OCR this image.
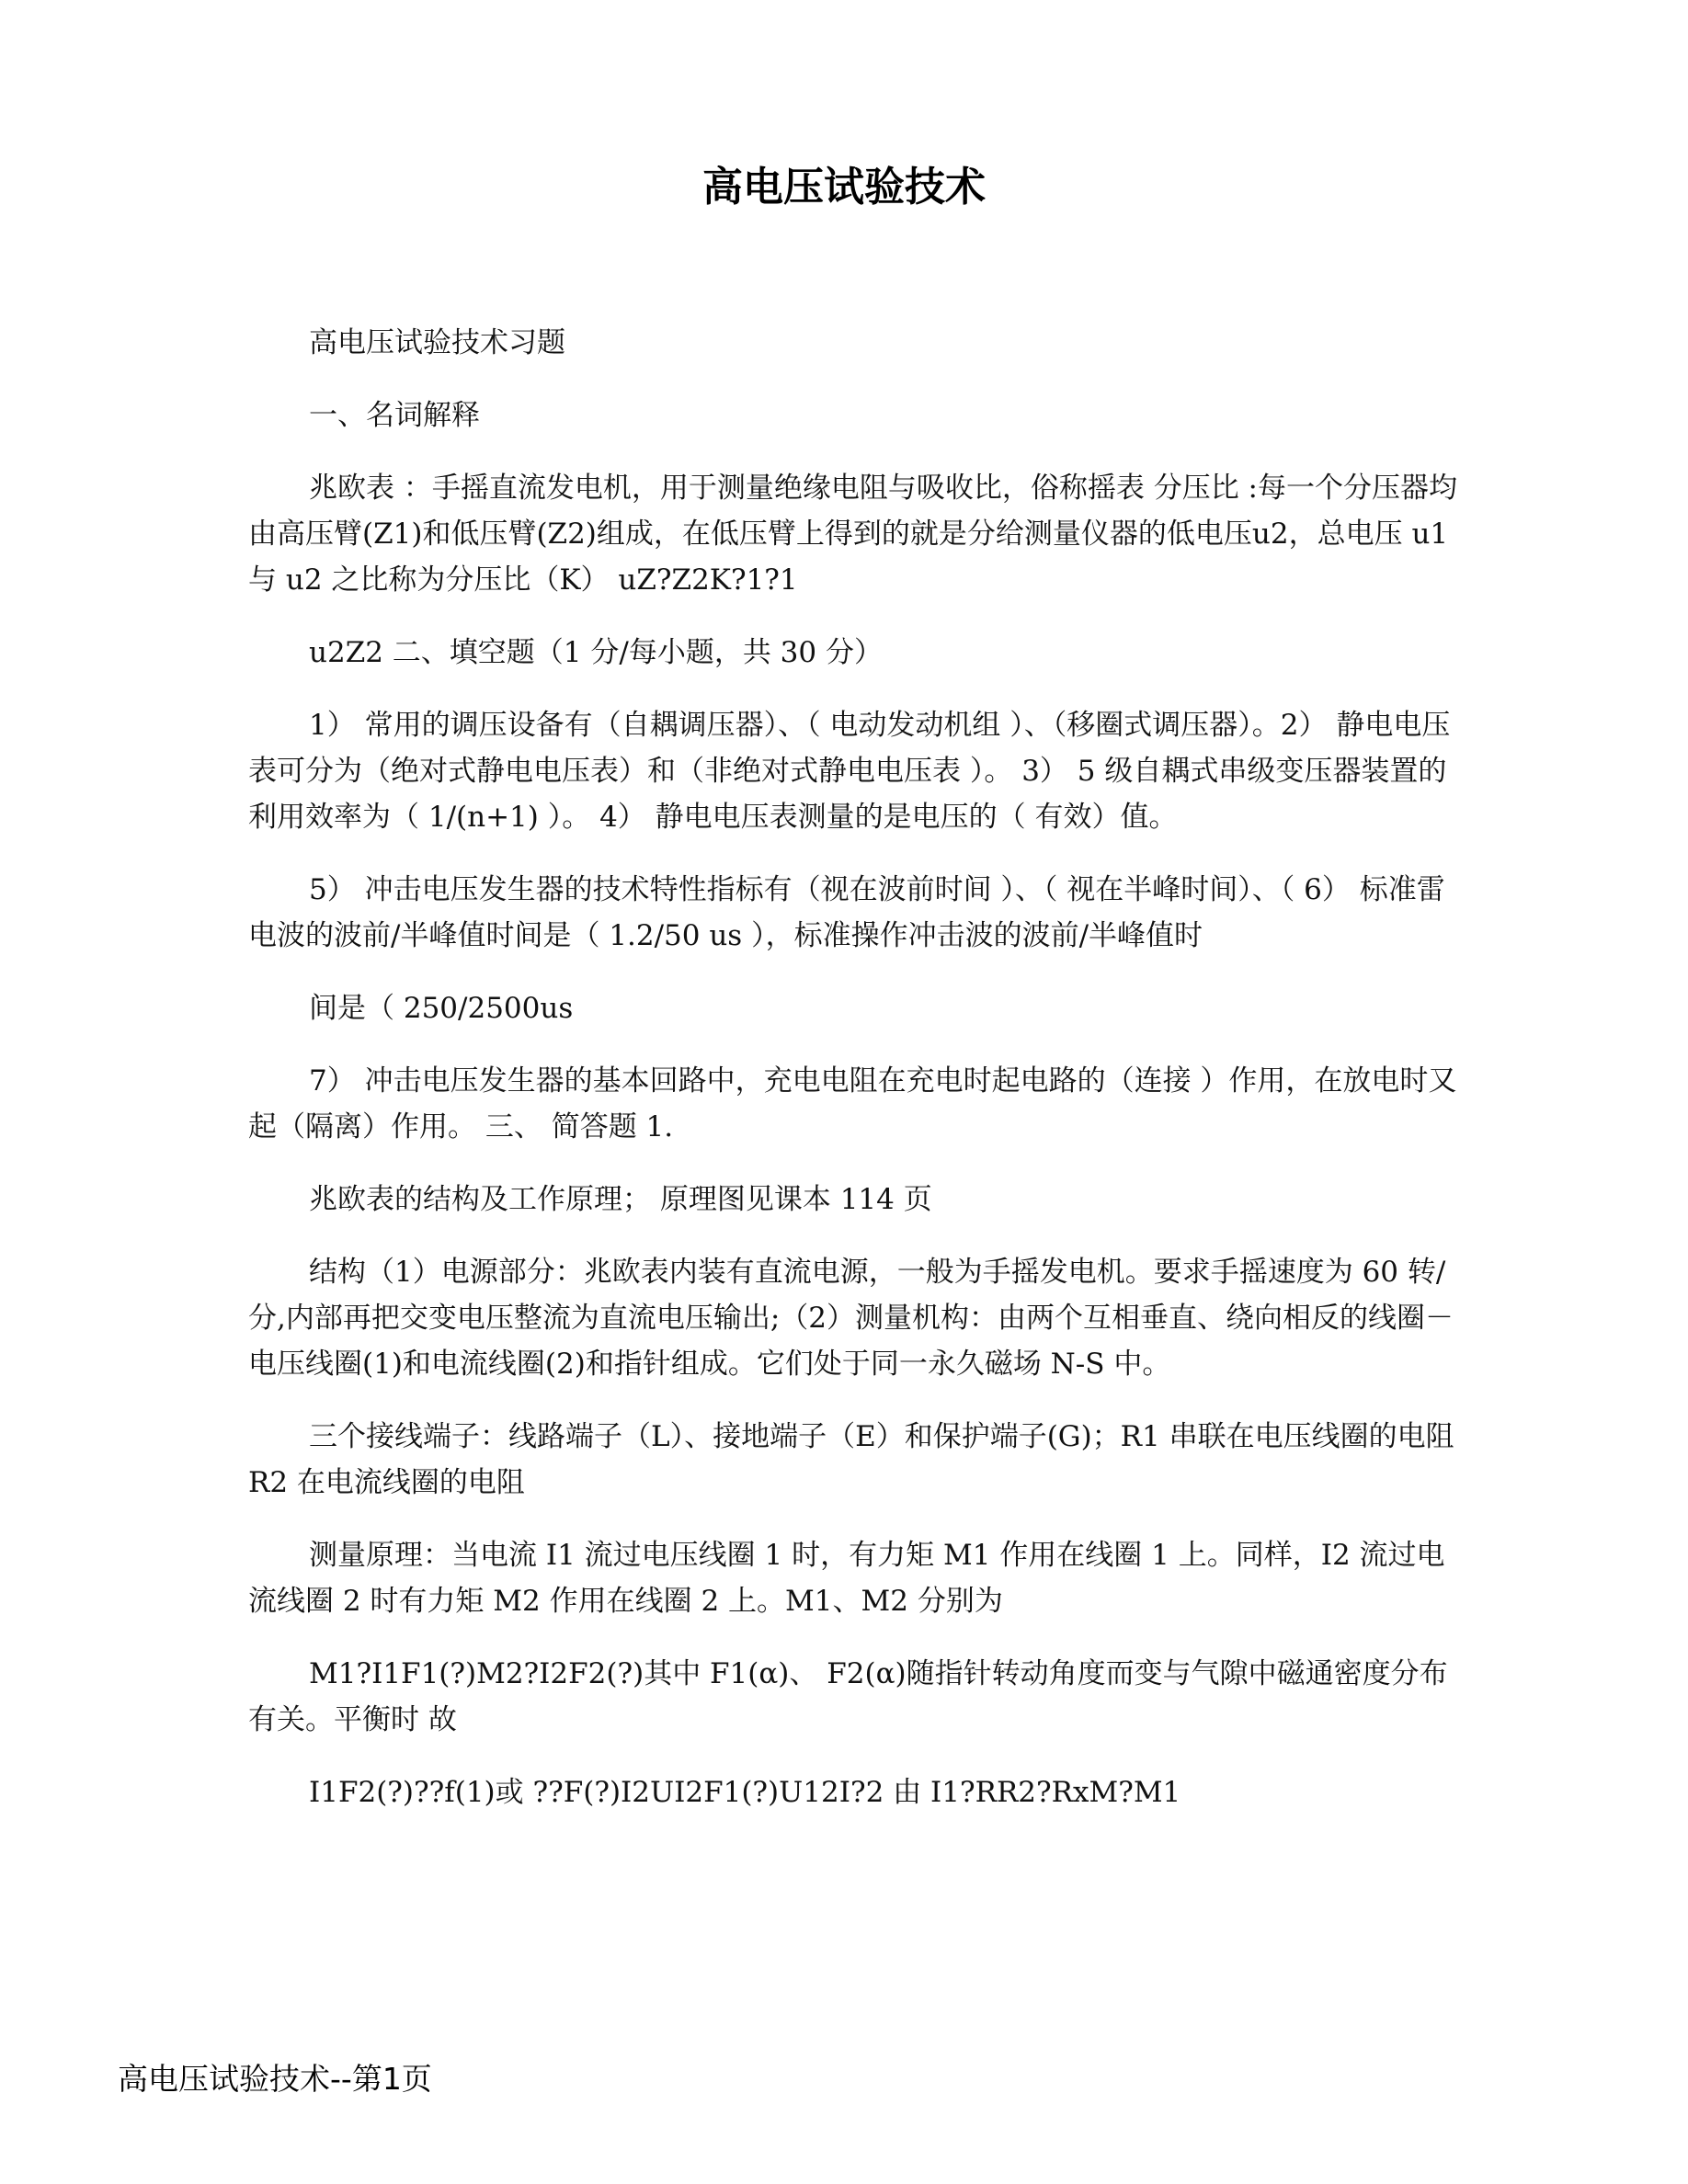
高电压试验技术

高电压试验技术习题

一、名词解释

兆欧表 ：手摇直流发电机，用于测量绝缘电阻与吸收比，俗称摇表 分压比 :每一个分压器均由高压臂(Z1)和低压臂(Z2)组成，在低压臂上得到的就是分给测量仪器的低电压u2，总电压 u1 与 u2 之比称为分压比（K） uZ?Z2K?1?1

u2Z2 二、填空题（1 分/每小题，共 30 分）

1） 常用的调压设备有（自耦调压器）、（ 电动发动机组 ）、（移圈式调压器）。2） 静电电压表可分为（绝对式静电电压表）和（非绝对式静电电压表 ）。 3） 5 级自耦式串级变压器装置的利用效率为（ 1/(n+1) ）。 4） 静电电压表测量的是电压的（ 有效）值。

5） 冲击电压发生器的技术特性指标有（视在波前时间 ）、（ 视在半峰时间）、（ 6） 标准雷电波的波前/半峰值时间是（ 1.2/50 us ），标准操作冲击波的波前/半峰值时

间是（ 250/2500us

7） 冲击电压发生器的基本回路中，充电电阻在充电时起电路的（连接 ）作用，在放电时又起（隔离）作用。 三、 简答题 1.

兆欧表的结构及工作原理； 原理图见课本 114 页

结构（1）电源部分：兆欧表内装有直流电源，一般为手摇发电机。要求手摇速度为 60 转/分,内部再把交变电压整流为直流电压输出;（2）测量机构：由两个互相垂直、绕向相反的线圈－电压线圈(1)和电流线圈(2)和指针组成。它们处于同一永久磁场 N-S 中。

三个接线端子：线路端子（L）、接地端子（E）和保护端子(G)；R1 串联在电压线圈的电阻 R2 在电流线圈的电阻

测量原理：当电流 I1 流过电压线圈 1 时，有力矩 M1 作用在线圈 1 上。同样，I2 流过电流线圈 2 时有力矩 M2 作用在线圈 2 上。M1、M2 分别为

M1?I1F1(?)M2?I2F2(?)其中 F1(α)、 F2(α)随指针转动角度而变与气隙中磁通密度分布有关。平衡时 故

I1F2(?)??f(1)或 ??F(?)I2UI2F1(?)U12I?2 由 I1?RR2?RxM?M1

高电压试验技术--第1页
